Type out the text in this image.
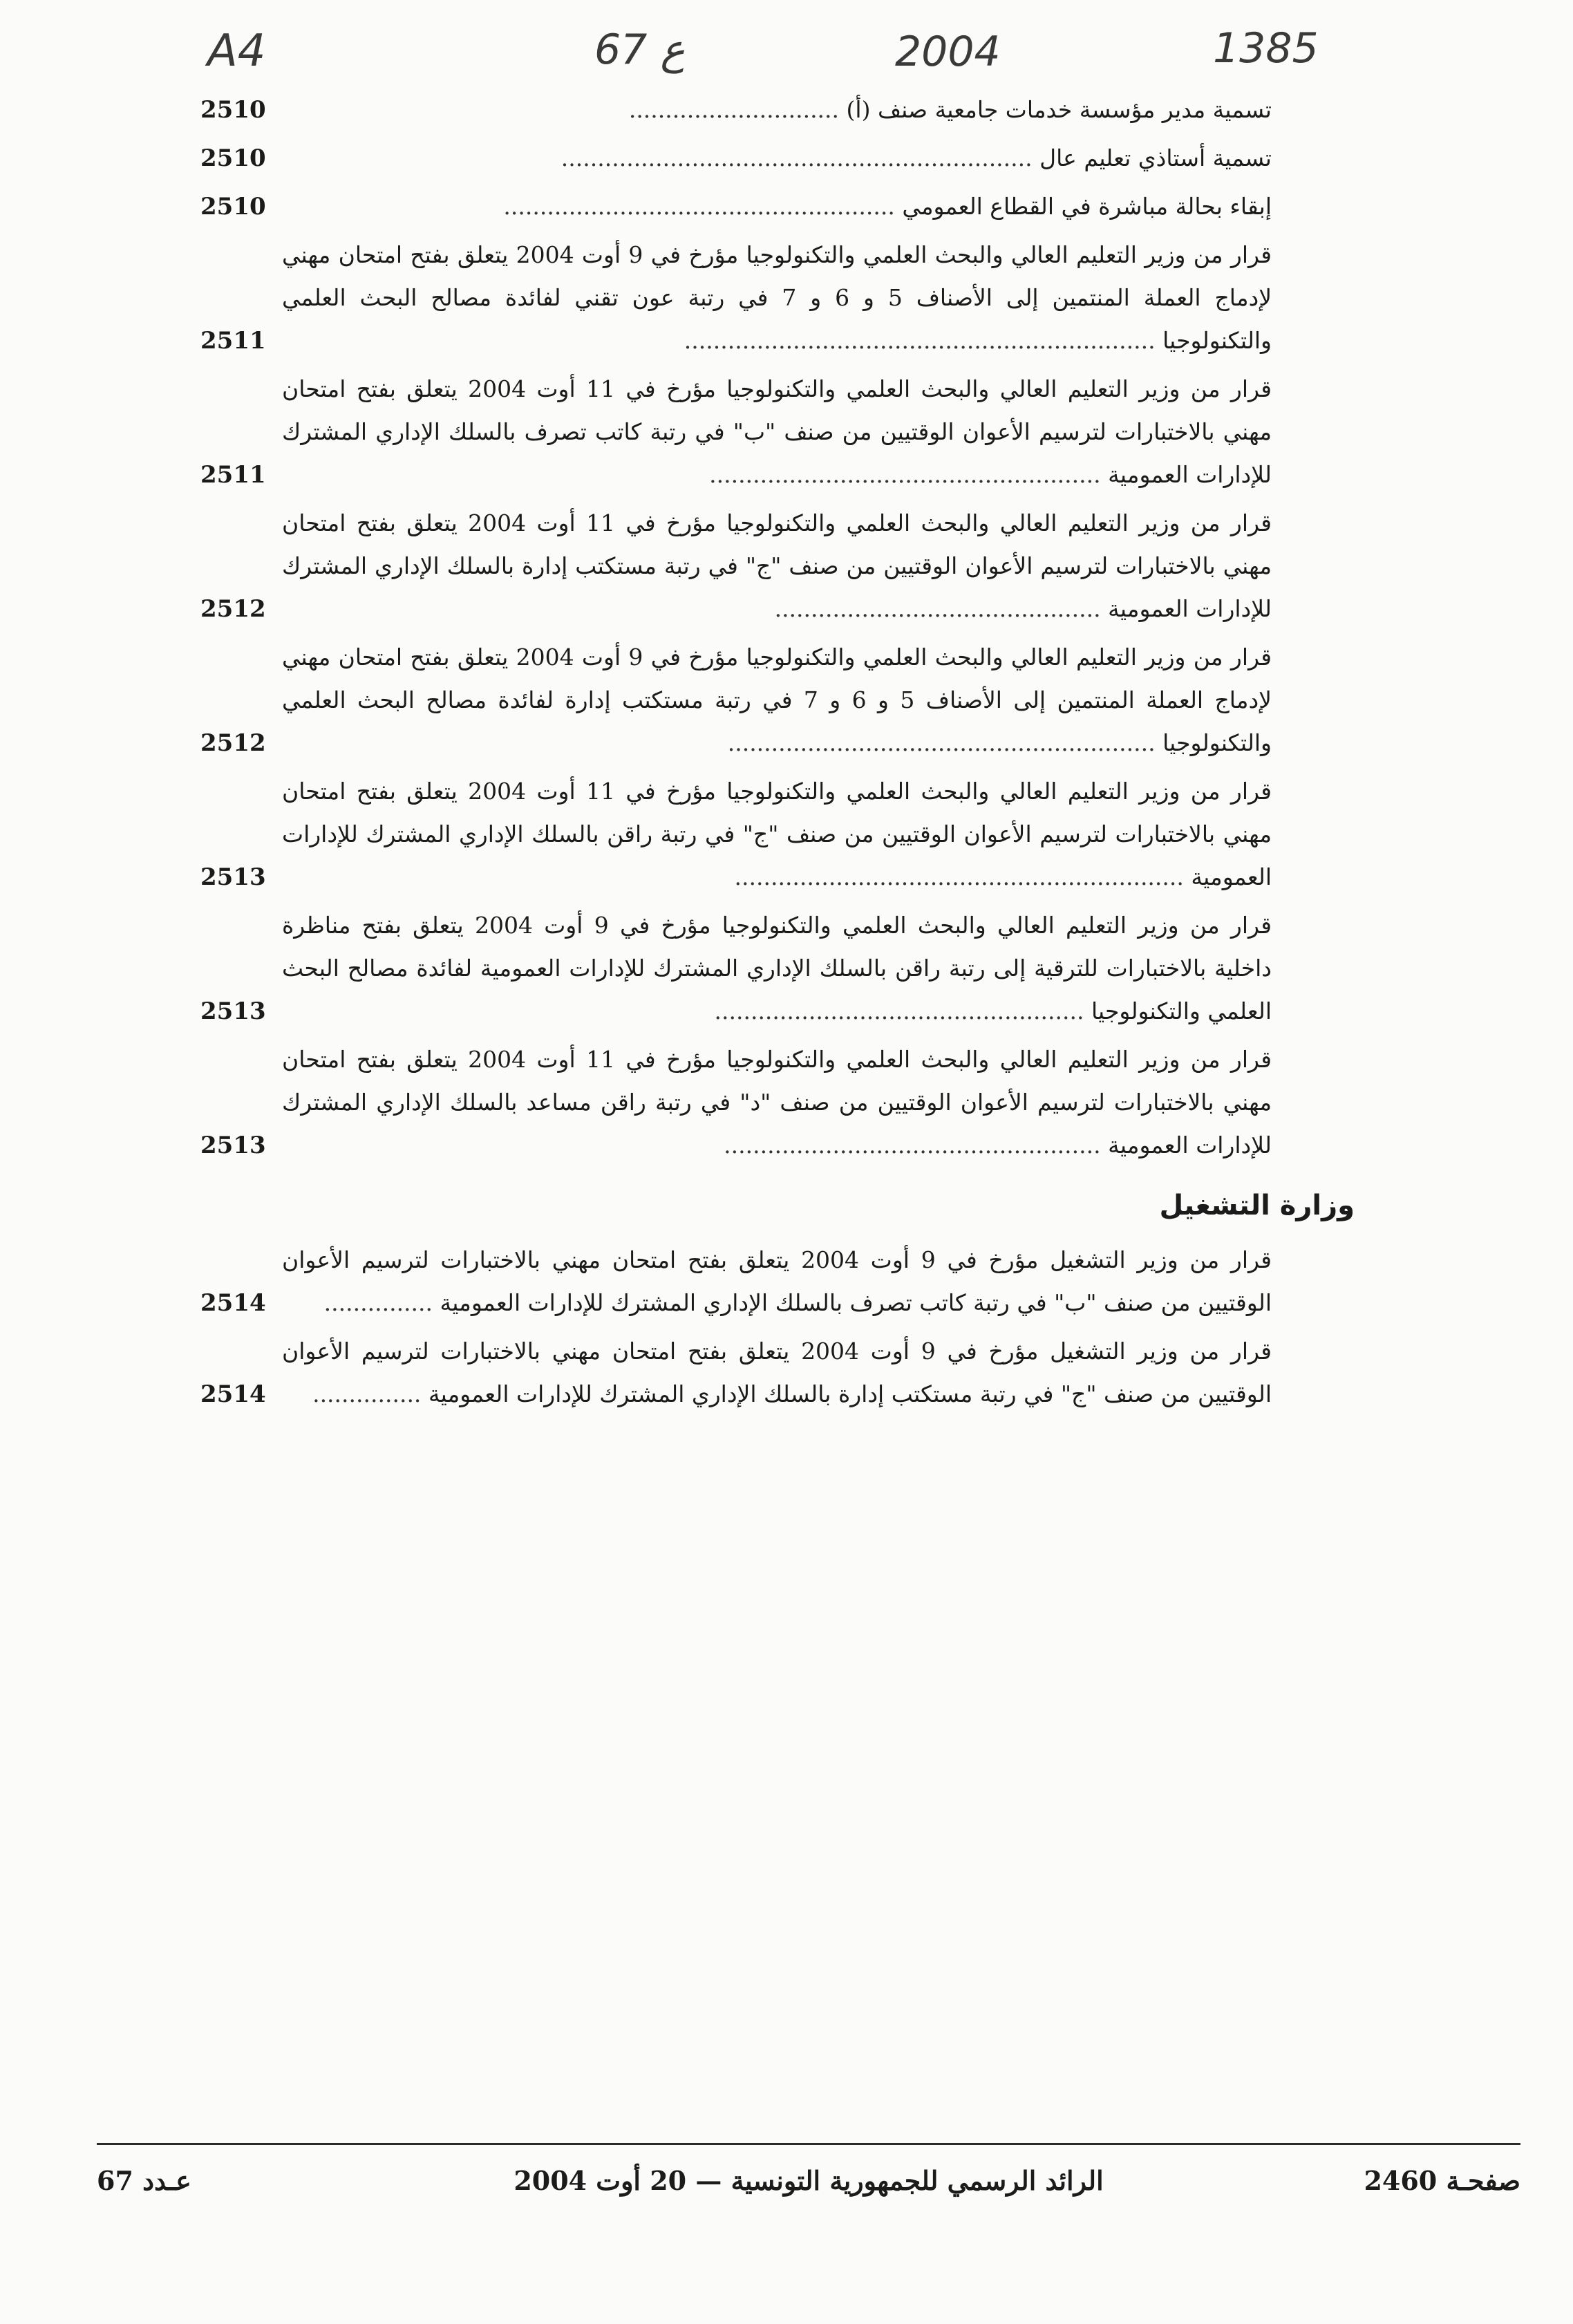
A4	67 ع	2004	1385
تسمية مدير مؤسسة خدمات جامعية صنف (أ) .............................
2510
تسمية أستاذي تعليم عال .................................................................
2510
إبقاء بحالة مباشرة في القطاع العمومي ......................................................
2510
قرار من وزير التعليم العالي والبحث العلمي والتكنولوجيا مؤرخ في 9 أوت 2004 يتعلق بفتح امتحان مهني لإدماج العملة المنتمين إلى الأصناف 5 و 6 و 7 في رتبة عون تقني لفائدة مصالح البحث العلمي والتكنولوجيا .................................................................
2511
قرار من وزير التعليم العالي والبحث العلمي والتكنولوجيا مؤرخ في 11 أوت 2004 يتعلق بفتح امتحان مهني بالاختبارات لترسيم الأعوان الوقتيين من صنف "ب" في رتبة كاتب تصرف بالسلك الإداري المشترك للإدارات العمومية ......................................................
2511
قرار من وزير التعليم العالي والبحث العلمي والتكنولوجيا مؤرخ في 11 أوت 2004 يتعلق بفتح امتحان مهني بالاختبارات لترسيم الأعوان الوقتيين من صنف "ج" في رتبة مستكتب إدارة بالسلك الإداري المشترك للإدارات العمومية .............................................
2512
قرار من وزير التعليم العالي والبحث العلمي والتكنولوجيا مؤرخ في 9 أوت 2004 يتعلق بفتح امتحان مهني لإدماج العملة المنتمين إلى الأصناف 5 و 6 و 7 في رتبة مستكتب إدارة لفائدة مصالح البحث العلمي والتكنولوجيا ...........................................................
2512
قرار من وزير التعليم العالي والبحث العلمي والتكنولوجيا مؤرخ في 11 أوت 2004 يتعلق بفتح امتحان مهني بالاختبارات لترسيم الأعوان الوقتيين من صنف "ج" في رتبة راقن بالسلك الإداري المشترك للإدارات العمومية ..............................................................
2513
قرار من وزير التعليم العالي والبحث العلمي والتكنولوجيا مؤرخ في 9 أوت 2004 يتعلق بفتح مناظرة داخلية بالاختبارات للترقية إلى رتبة راقن بالسلك الإداري المشترك للإدارات العمومية لفائدة مصالح البحث العلمي والتكنولوجيا ...................................................
2513
قرار من وزير التعليم العالي والبحث العلمي والتكنولوجيا مؤرخ في 11 أوت 2004 يتعلق بفتح امتحان مهني بالاختبارات لترسيم الأعوان الوقتيين من صنف "د" في رتبة راقن مساعد بالسلك الإداري المشترك للإدارات العمومية ....................................................
2513
وزارة التشغيل
قرار من وزير التشغيل مؤرخ في 9 أوت 2004 يتعلق بفتح امتحان مهني بالاختبارات لترسيم الأعوان الوقتيين من صنف "ب" في رتبة كاتب تصرف بالسلك الإداري المشترك للإدارات العمومية ...............
2514
قرار من وزير التشغيل مؤرخ في 9 أوت 2004 يتعلق بفتح امتحان مهني بالاختبارات لترسيم الأعوان الوقتيين من صنف "ج" في رتبة مستكتب إدارة بالسلك الإداري المشترك للإدارات العمومية ...............
2514
الرائد الرسمي للجمهورية التونسية — 20 أوت 2004	صفحـة 2460
عـدد 67
